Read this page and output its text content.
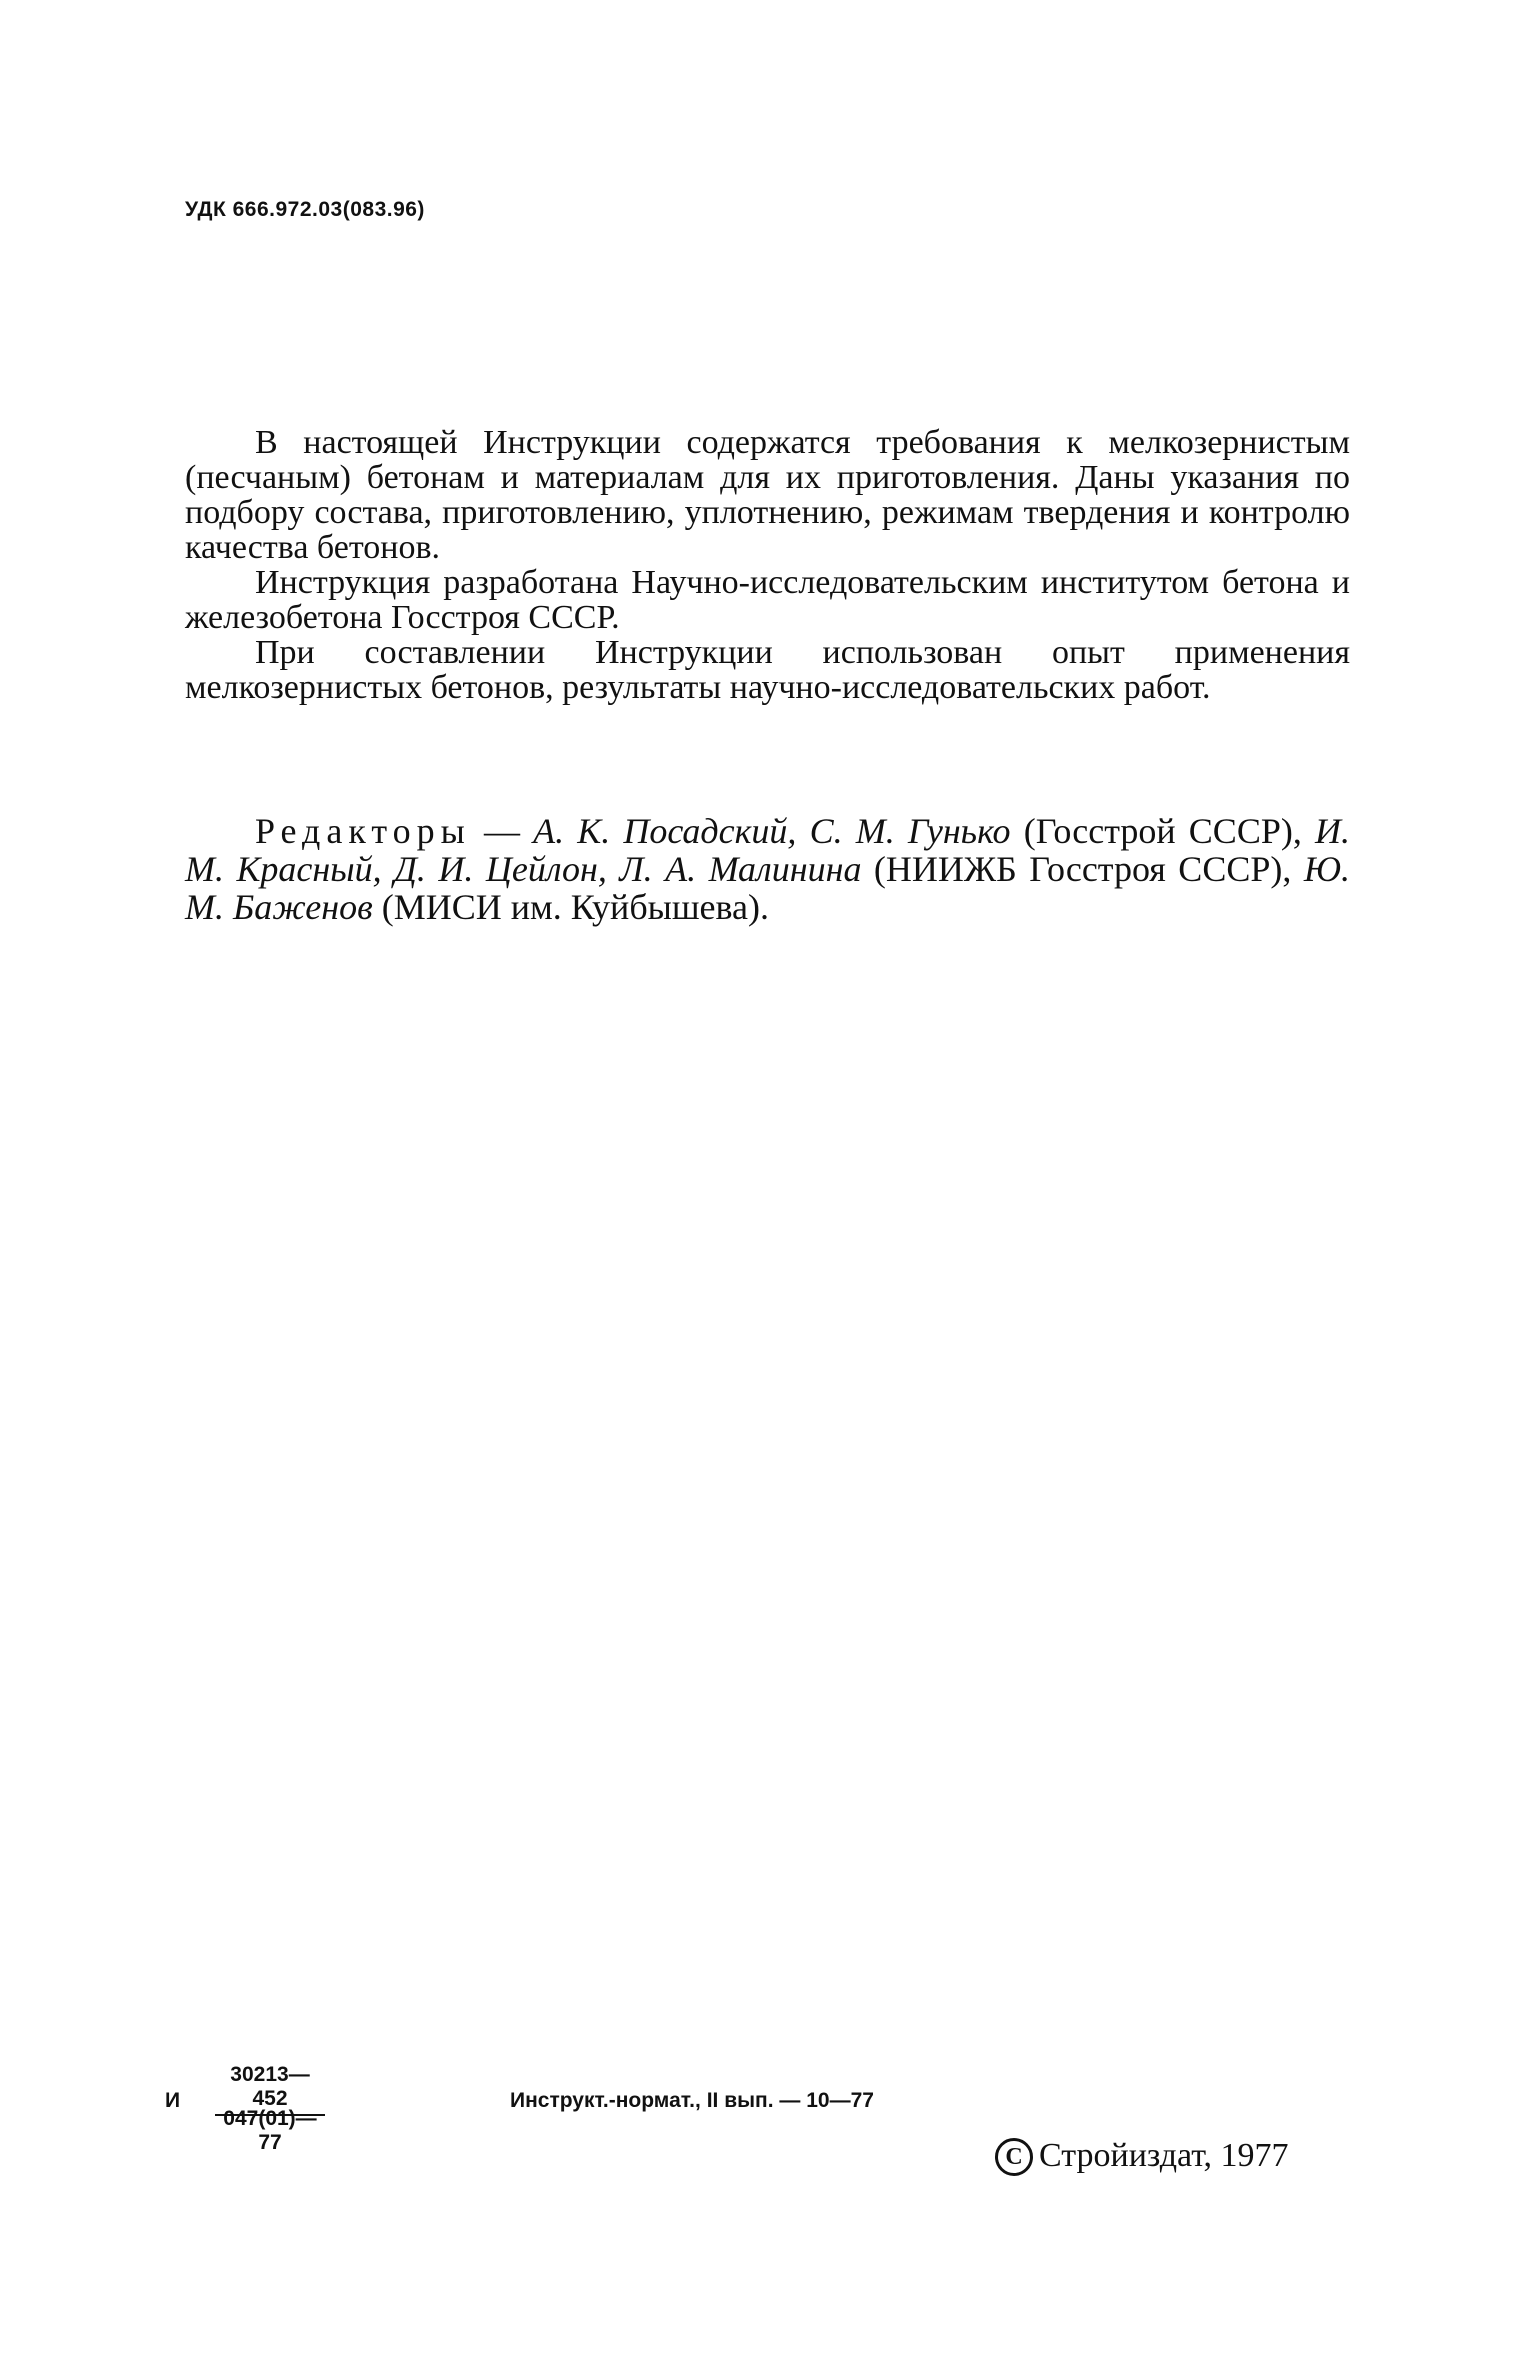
УДК 666.972.03(083.96)

В настоящей Инструкции содержатся требования к мелкозернистым (песчаным) бетонам и материалам для их приготовления. Даны указания по подбору состава, приготовлению, уплотнению, режимам твердения и контролю качества бетонов.

Инструкция разработана Научно-исследовательским институтом бетона и железобетона Госстроя СССР.

При составлении Инструкции использован опыт применения мелкозернистых бетонов, результаты научно-исследовательских работ.

Редакторы — А. К. Посадский, С. М. Гунько (Госстрой СССР), И. М. Красный, Д. И. Цейлон, Л. А. Малинина (НИИЖБ Госстроя СССР), Ю. М. Баженов (МИСИ им. Куйбышева).
И
$\frac{30213—452}{047(01)—77}$
Инструкт.-нормат., II вып. — 10—77
C Стройиздат, 1977
